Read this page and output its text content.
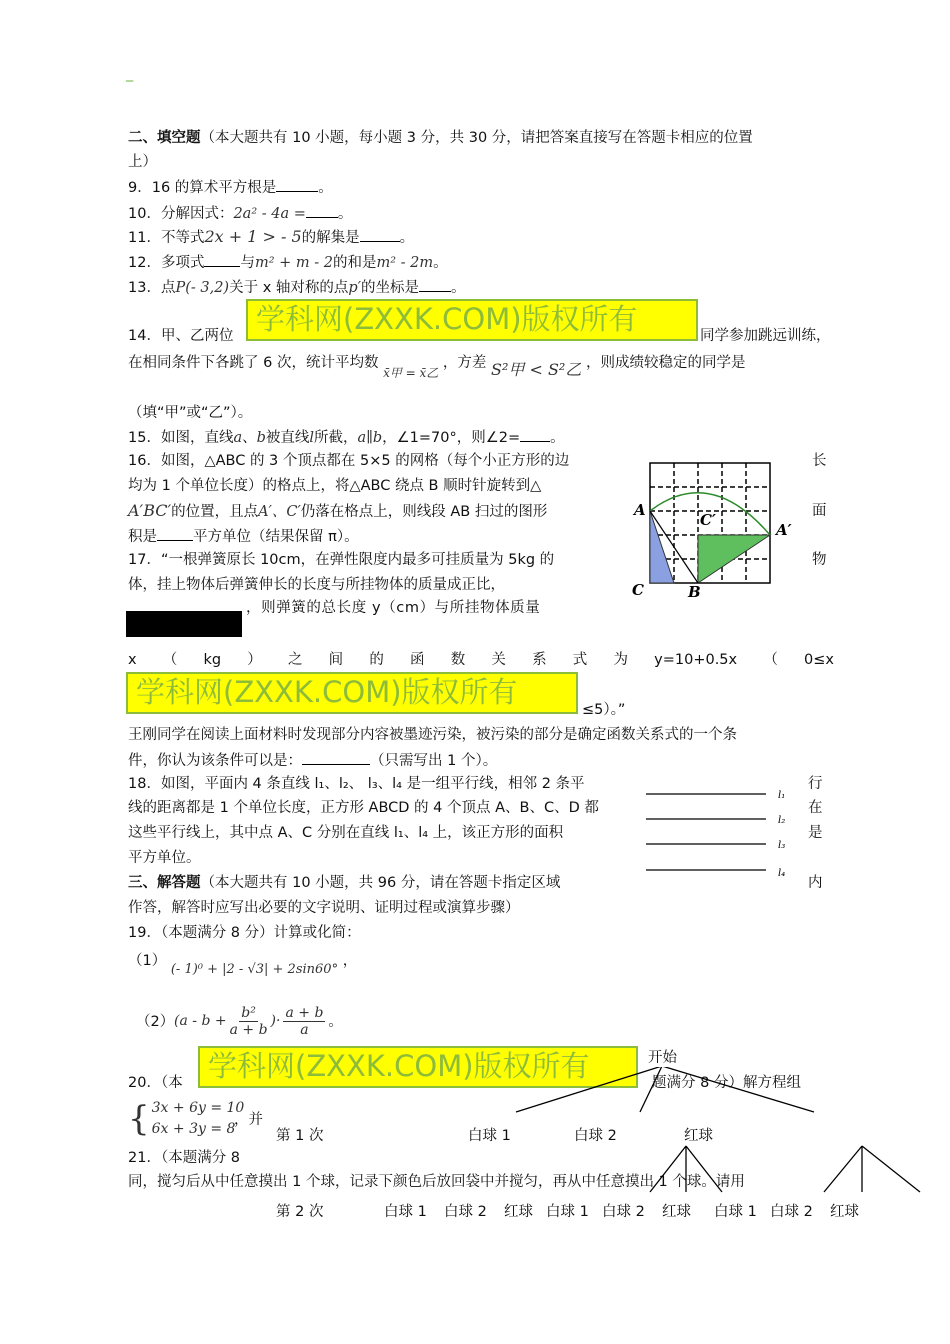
_
二、填空题（本大题共有 10 小题，每小题 3 分，共 30 分，请把答案直接写在答题卡相应的位置
上）
9．16 的算术平方根是	。
10．分解因式：2a² - 4a = 。
11．不等式2x + 1 > - 5的解集是	。
12．多项式 与m² + m - 2的和是m² - 2m。
13．点P(- 3,2)关于 x 轴对称的点p′的坐标是 。
学科网(ZXXK.COM)版权所有
14．甲、乙两位	同学参加跳远训练，
在相同条件下各跳了 6 次，统计平均数 $_{x̄甲 = x̄乙}$ ，方差 S²甲 < S²乙 ，则成绩较稳定的同学是
（填“甲”或“乙”）。
15．如图，直线a、b被直线l所截，a∥b，∠1=70°，则∠2= 。
16．如图，△ABC 的 3 个顶点都在 5×5 的网格（每个小正方形的边
均为 1 个单位长度）的格点上，将△ABC 绕点 B 顺时针旋转到△
A′BC′的位置，且点A′、C′仍落在格点上，则线段 AB 扫过的图形
积是 平方单位（结果保留 π）。
长
面
A
C	B
A′
C′
17．“一根弹簧原长 10cm，在弹性限度内最多可挂质量为 5kg 的	物
体，挂上物体后弹簧伸长的长度与所挂物体的质量成正比，
，则弹簧的总长度 y（cm）与所挂物体质量
x （ kg ） 之 间 的 函 数 关 系 式 为 y=10+0.5x （ 0≤x
学科网(ZXXK.COM)版权所有
≤5）。”
王刚同学在阅读上面材料时发现部分内容被墨迹污染，被污染的部分是确定函数关系式的一个条
件，你认为该条件可以是：	（只需写出 1 个）。
18．如图，平面内 4 条直线 l₁、l₂、 l₃、l₄ 是一组平行线，相邻 2 条平
线的距离都是 1 个单位长度，正方形 ABCD 的 4 个顶点 A、B、C、D 都
这些平行线上，其中点 A、C 分别在直线 l₁、l₄ 上，该正方形的面积
平方单位。
行
在
是
内
l₁
l₂
l₃
l₄
三、解答题（本大题共有 10 小题，共 96 分，请在答题卡指定区域
作答，解答时应写出必要的文字说明、证明过程或演算步骤）
19．（本题满分 8 分）计算或化简：
（1） (- 1)⁰ + |2 - √3| + 2sin60° ，
（2） ($a - b + \frac{\text{b²}}{a + b}$ )· $\frac{a + b}{a}$ 。
学科网(ZXXK.COM)版权所有
20．（本	题满分 8 分）解方程组
{ 3x + 6y = 10
6x + 3y = 8
，并
21．（本题满分 8
同，搅匀后从中任意摸出 1 个球，记录下颜色后放回袋中并搅匀，再从中任意摸出 1 个球。请用
开始
第 1 次	白球 1	白球 2	红球
第 2 次	白球 1 白球 2 红球 白球 1 白球 2 红球 白球 1 白球 2 红球
